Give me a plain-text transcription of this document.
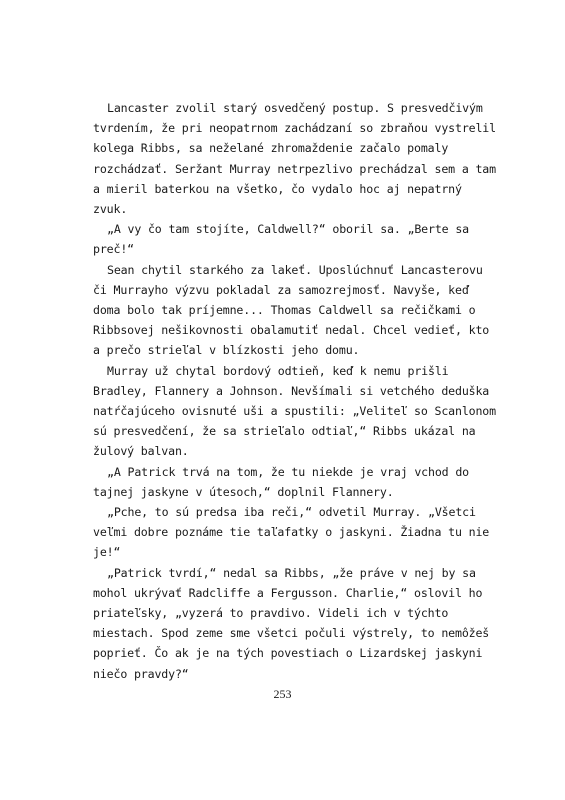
Lancaster zvolil starý osvedčený postup. S presvedčivým
tvrdením, že pri neopatrnom zachádzaní so zbraňou vystrelil
kolega Ribbs, sa neželané zhromaždenie začalo pomaly
rozchádzať. Seržant Murray netrpezlivo prechádzal sem a tam
a mieril baterkou na všetko, čo vydalo hoc aj nepatrný
zvuk.

„A vy čo tam stojíte, Caldwell?“ oboril sa. „Berte sa
preč!“

Sean chytil starkého za lakeť. Uposlúchnuť Lancasterovu
či Murrayho výzvu pokladal za samozrejmosť. Navyše, keď
doma bolo tak príjemne... Thomas Caldwell sa rečičkami o
Ribbsovej nešikovnosti obalamutiť nedal. Chcel vedieť, kto
a prečo strieľal v blízkosti jeho domu.

Murray už chytal bordový odtieň, keď k nemu prišli
Bradley, Flannery a Johnson. Nevšímali si vetchého deduška
natŕčajúceho ovisnuté uši a spustili: „Veliteľ so Scanlonom
sú presvedčení, že sa strieľalo odtiaľ,“ Ribbs ukázal na
žulový balvan.

„A Patrick trvá na tom, že tu niekde je vraj vchod do
tajnej jaskyne v útesoch,“ doplnil Flannery.

„Pche, to sú predsa iba reči,“ odvetil Murray. „Všetci
veľmi dobre poznáme tie taľafatky o jaskyni. Žiadna tu nie
je!“

„Patrick tvrdí,“ nedal sa Ribbs, „že práve v nej by sa
mohol ukrývať Radcliffe a Fergusson. Charlie,“ oslovil ho
priateľsky, „vyzerá to pravdivo. Videli ich v týchto
miestach. Spod zeme sme všetci počuli výstrely, to nemôžeš
poprieť. Čo ak je na tých povestiach o Lizardskej jaskyni
niečo pravdy?“

253
